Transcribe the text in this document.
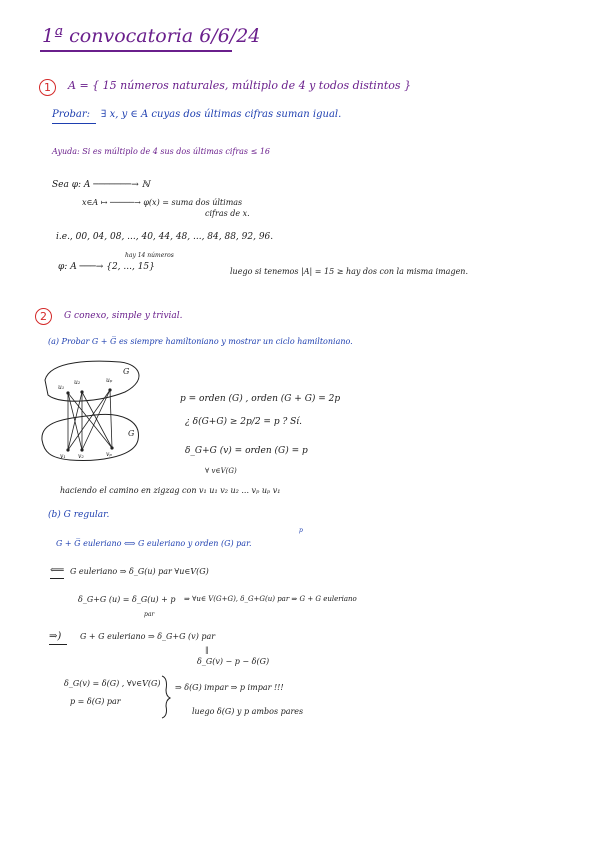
1ª convocatoria 6/6/24
1	A = { 15 números naturales, múltiplo de 4 y todos distintos }
Probar: ∃ x, y ∈ A cuyas dos últimas cifras suman igual.
Ayuda: Si es múltiplo de 4 sus dos últimas cifras ≤ 16
Sea φ: A ───────→ ℕ
x∈A ↦ ─────→ φ(x) = suma dos últimas
cifras de x.
i.e., 00, 04, 08, ..., 40, 44, 48, ..., 84, 88, 92, 96.
hay 14 números
φ: A ───→ {2, ..., 15}	luego si tenemos |A| = 15 ≥ hay dos con la misma imagen.
2	G conexo, simple y trivial.
(a) Probar G + G̅ es siempre hamiltoniano y mostrar un ciclo hamiltoniano.
G
G
u₁
u₂	uₚ
v₁ v₂	vₚ
p = orden (G) , orden (G + G) = 2p
¿ δ(G+G) ≥ 2p/2 = p ? Sí.
δ_G+G (v) = orden (G) = p
∀ v∈V(G)
haciendo el camino en zigzag con v₁ u₁ v₂ u₂ ... vₚ uₚ v₁
(b) G regular.
p
G + G̅ euleriano ⟺ G euleriano y orden (G) par.
⟸ G euleriano ⇒ δ_G(u) par ∀u∈V(G)
δ_G+G (u) = δ_G(u) + p
par
⇒ ∀u∈ V(G+G), δ_G+G(u) par ⇒ G + G euleriano
⇒) G + G euleriano ⇒ δ_G+G (v) par
‖
δ_G(v) − p − δ(G)
δ_G(v) = δ(G) , ∀v∈V(G)
p = δ(G) par
⇒ δ(G) impar ⇒ p impar !!!
luego δ(G) y p ambos pares
